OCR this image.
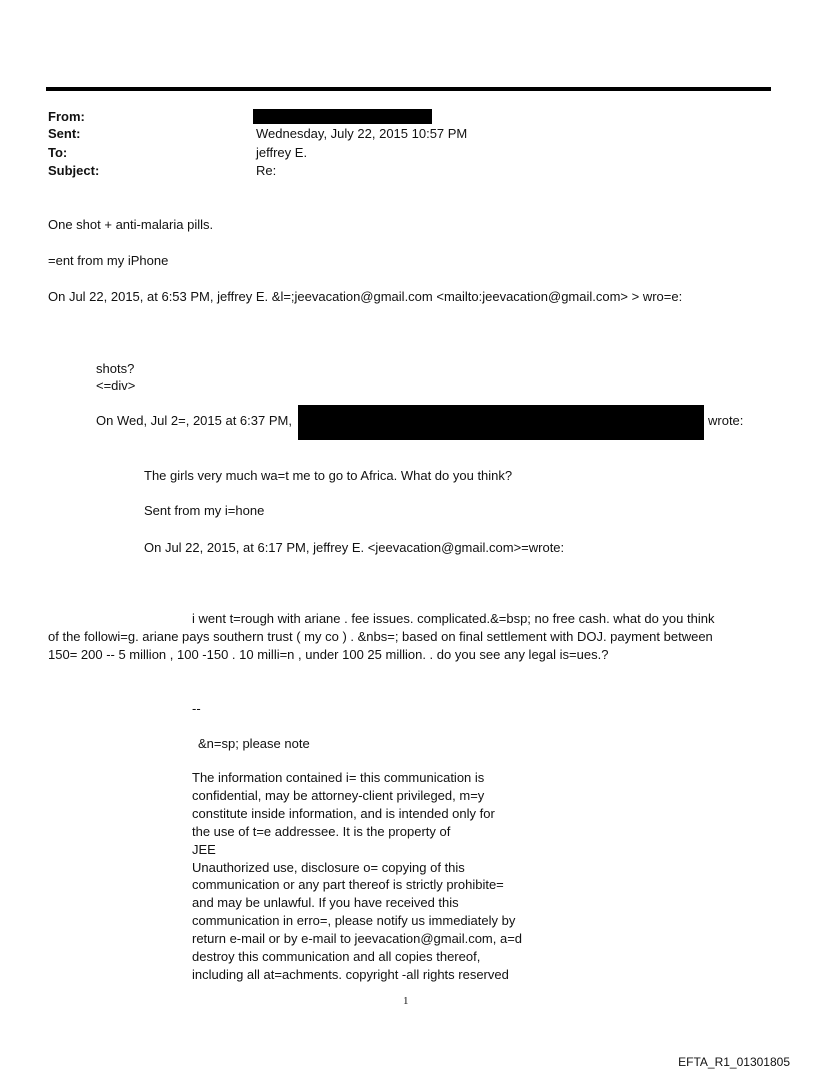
From:
Sent:	Wednesday, July 22, 2015 10:57 PM
To:	jeffrey E.
Subject:	Re:
One shot + anti-malaria pills.
=ent from my iPhone
On Jul 22, 2015, at 6:53 PM, jeffrey E. &l=;jeevacation@gmail.com <mailto:jeevacation@gmail.com> > wro=e:
shots?
<=div>
On Wed, Jul 2=, 2015 at 6:37 PM,	wrote:
The girls very much wa=t me to go to Africa. What do you think?
Sent from my i=hone
On Jul 22, 2015, at 6:17 PM, jeffrey E. <jeevacation@gmail.com>=wrote:
i went t=rough with ariane . fee issues. complicated.&=bsp; no free cash. what do you think
of the followi=g. ariane pays southern trust ( my co ) . &nbs=; based on final settlement with DOJ. payment between
150= 200 -- 5 million , 100 -150 . 10 milli=n , under 100 25 million. . do you see any legal is=ues.?
--
&n=sp; please note
The information contained i= this communication is
confidential, may be attorney-client privileged, m=y
constitute inside information, and is intended only for
the use of t=e addressee. It is the property of
JEE
Unauthorized use, disclosure o= copying of this
communication or any part thereof is strictly prohibite=
and may be unlawful. If you have received this
communication in erro=, please notify us immediately by
return e-mail or by e-mail to jeevacation@gmail.com, a=d
destroy this communication and all copies thereof,
including all at=achments. copyright -all rights reserved
1
EFTA_R1_01301805
